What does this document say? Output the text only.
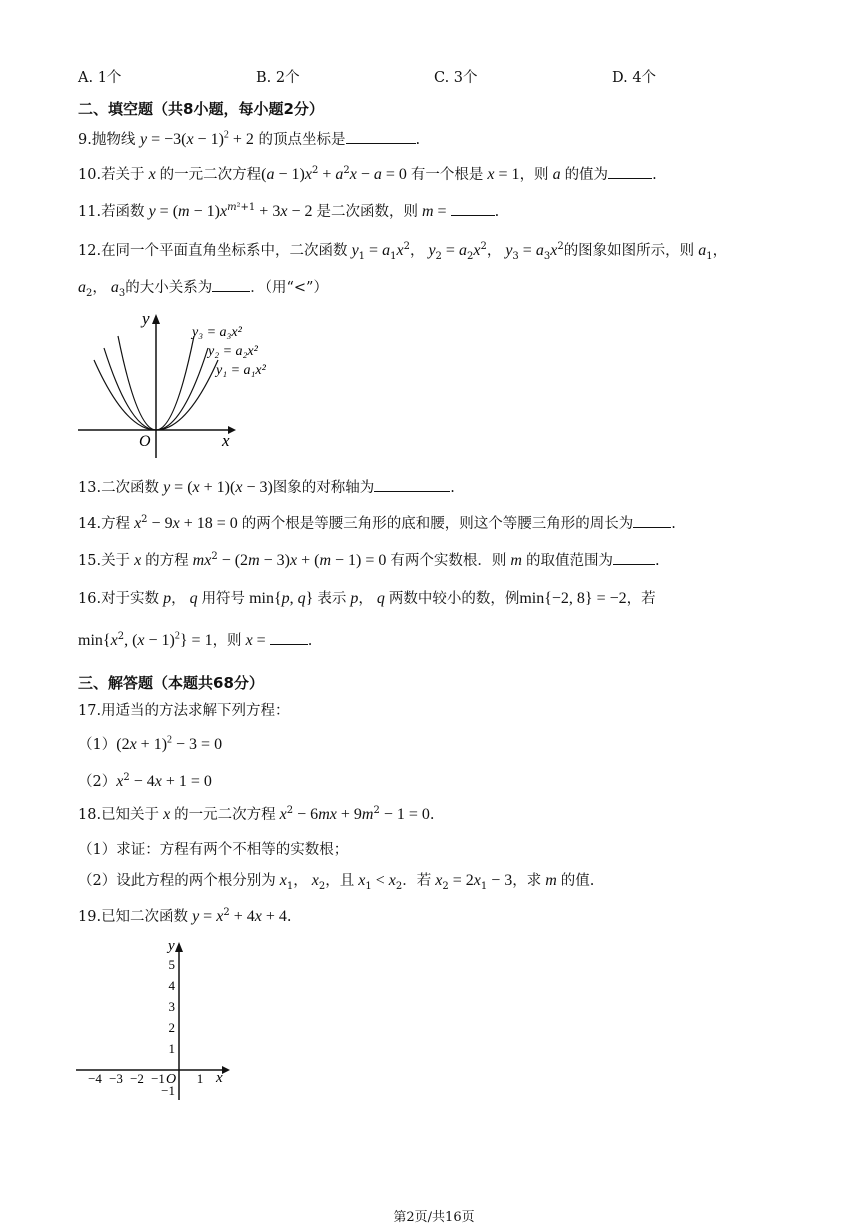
A. 1个	B. 2个	C. 3个	D. 4个
二、填空题（共8小题，每小题2分）
9.抛物线 $y = -3(x - 1)^2 + 2$ 的顶点坐标是	.
10.若关于 x 的一元二次方程$(a - 1)x^2 + a^2x - a = 0$ 有一个根是 x = 1，则 a 的值为	.
11.若函数 $y = (m - 1)x^{m^2+1} + 3x - 2$ 是二次函数，则 m =	.
12.在同一个平面直角坐标系中，二次函数 $y_1 = a_1x^2$， $y_2 = a_2x^2$， $y_3 = a_3x^2$的图象如图所示，则 $a_1$，
$a_2$， $a_3$的大小关系为	．（用“<”）
y
x
O
y₃ = a₃x²
y₂ = a₂x²
y₁ = a₁x²
13.二次函数 y = (x + 1)(x − 3)图象的对称轴为	.
14.方程 $x^2 - 9x + 18 = 0$ 的两个根是等腰三角形的底和腰，则这个等腰三角形的周长为	.
15.关于 x 的方程 $mx^2 - (2m - 3)x + (m - 1) = 0$ 有两个实数根．则 m 的取值范围为	.
16.对于实数 p， q 用符号 min{p, q} 表示 p， q 两数中较小的数，例min{−2, 8} = −2，若
$\min\{x^2$, $(x - 1)^2\} = 1$，则 x =	.
三、解答题（本题共68分）
17.用适当的方法求解下列方程：
$(1)(2x + 1)^2 - 3 = 0$
$(2)x^2 - 4x + 1 = 0$
18.已知关于 x 的一元二次方程 $x^2 - 6mx + 9m^2 - 1 = 0$.
（1）求证：方程有两个不相等的实数根；
（2）设此方程的两个根分别为 $x_1$， $x_2$，且 $x_1 < x_2$．若 $x_2 = 2x_1 - 3$，求 m 的值.
19.已知二次函数 $y = x^2 + 4x + 4$.
y
x
O
−4 −3 −2 −1 1
5
4
3
2
1
−1
第2页/共16页
